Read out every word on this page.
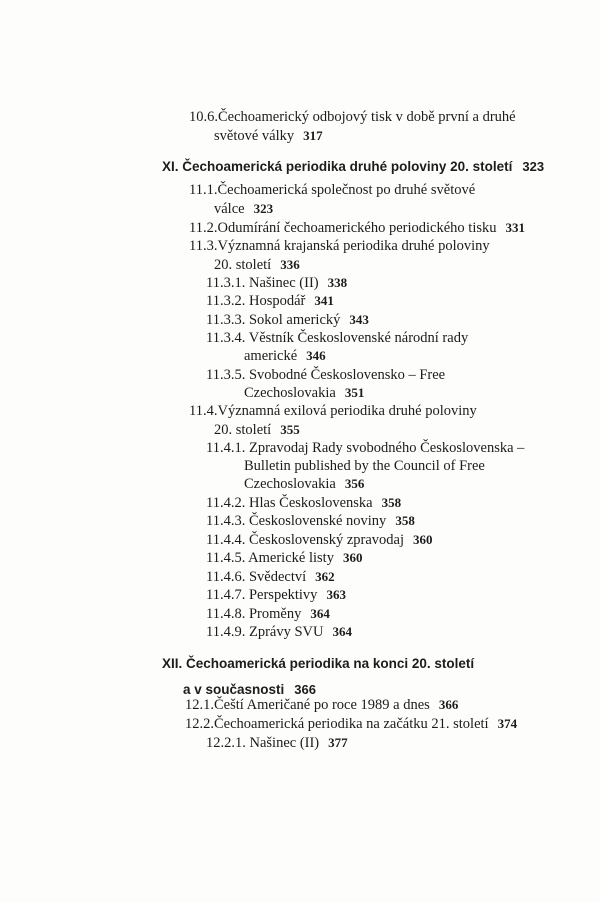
10.6.Čechoamerický odbojový tisk v době první a druhé
světové války 317
XI. Čechoamerická periodika druhé poloviny 20. století 323
11.1.Čechoamerická společnost po druhé světové
válce 323
11.2.Odumírání čechoamerického periodického tisku 331
11.3.Významná krajanská periodika druhé poloviny
20. století 336
11.3.1. Našinec (II) 338
11.3.2. Hospodář 341
11.3.3. Sokol americký 343
11.3.4. Věstník Československé národní rady
americké 346
11.3.5. Svobodné Československo – Free
Czechoslovakia 351
11.4.Významná exilová periodika druhé poloviny
20. století 355
11.4.1. Zpravodaj Rady svobodného Československa –
Bulletin published by the Council of Free
Czechoslovakia 356
11.4.2. Hlas Československa 358
11.4.3. Československé noviny 358
11.4.4. Československý zpravodaj 360
11.4.5. Americké listy 360
11.4.6. Svědectví 362
11.4.7. Perspektivy 363
11.4.8. Proměny 364
11.4.9. Zprávy SVU 364
XII. Čechoamerická periodika na konci 20. století
a v současnosti 366
12.1.Čeští Američané po roce 1989 a dnes 366
12.2.Čechoamerická periodika na začátku 21. století 374
12.2.1. Našinec (II) 377
